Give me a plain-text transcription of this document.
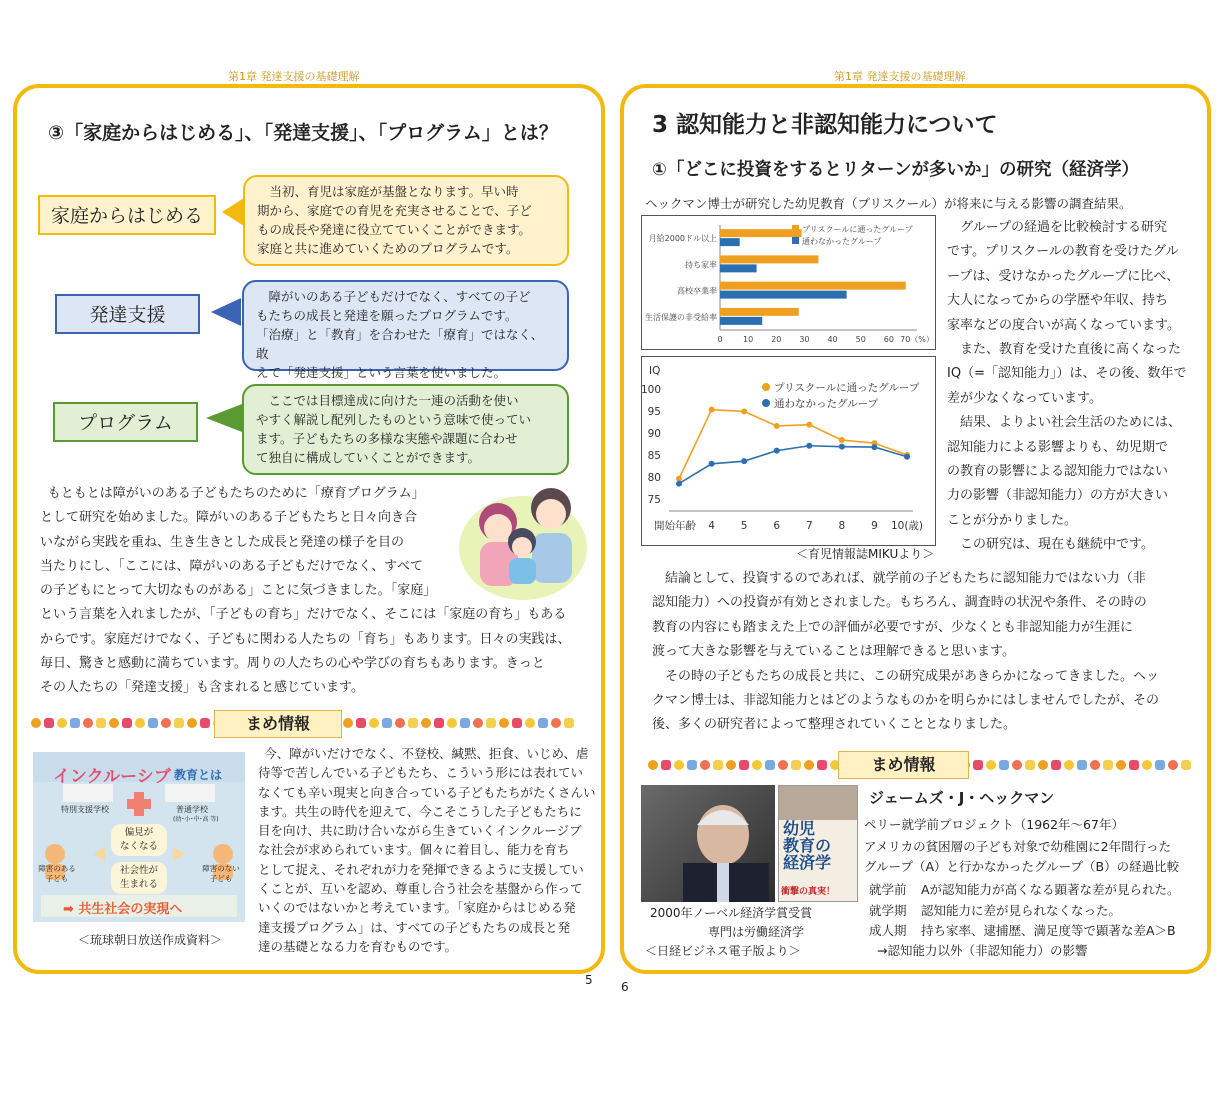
第1章 発達支援の基礎理解
③「家庭からはじめる」、「発達支援」、「プログラム」とは？
家庭からはじめる
当初、育児は家庭が基盤となります。早い時
期から、家庭での育児を充実させることで、子ど
もの成長や発達に役立てていくことができます。
家庭と共に進めていくためのプログラムです。
発達支援
障がいのある子どもだけでなく、すべての子ど
もたちの成長と発達を願ったプログラムです。
「治療」と「教育」を合わせた「療育」ではなく、敢
えて「発達支援」という言葉を使いました。
プログラム
ここでは目標達成に向けた一連の活動を使い
やすく解説し配列したものという意味で使ってい
ます。子どもたちの多様な実態や課題に合わせ
て独自に構成していくことができます。
もともとは障がいのある子どもたちのために「療育プログラム」
として研究を始めました。障がいのある子どもたちと日々向き合
いながら実践を重ね、生き生きとした成長と発達の様子を目の
当たりにし、「ここには、障がいのある子どもだけでなく、すべて
の子どもにとって大切なものがある」ことに気づきました。「家庭」
という言葉を入れましたが、「子どもの育ち」だけでなく、そこには「家庭の育ち」もある
からです。家庭だけでなく、子どもに関わる人たちの「育ち」もあります。日々の実践は、
毎日、驚きと感動に満ちています。周りの人たちの心や学びの育ちもあります。きっと
その人たちの「発達支援」も含まれると感じています。
まめ情報
インクルーシブ 教育とは
特別支援学校	普通学校
(幼･小･中･高 等)
偏見が
なくなる
社会性が
生まれる
障害のある
子ども
障害のない
子ども
➡ 共生社会の実現へ
＜琉球朝日放送作成資料＞
今、障がいだけでなく、不登校、緘黙、拒食、いじめ、虐
待等で苦しんでいる子どもたち、こういう形には表れてい
なくても辛い現実と向き合っている子どもたちがたくさんい
ます。共生の時代を迎えて、今こそこうした子どもたちに
目を向け、共に助け合いながら生きていくインクルージブ
な社会が求められています。個々に着目し、能力を育ち
として捉え、それぞれが力を発揮できるように支援してい
くことが、互いを認め、尊重し合う社会を基盤から作って
いくのではないかと考えています。「家庭からはじめる発
達支援プログラム」は、すべての子どもたちの成長と発
達の基礎となる力を育むものです。
5
第1章 発達支援の基礎理解
3 認知能力と非認知能力について
①「どこに投資をするとリターンが多いか」の研究（経済学）
ヘックマン博士が研究した幼児教育（プリスクール）が将来に与える影響の調査結果。
月給2000ドル以上
持ち家率
高校卒業率
生活保護の非受給率
0	10 20 30 40 50 60 70（%）
プリスクールに通ったグループ
通わなかったグループ
IQ
75
80
85
90
95
100
開始年齢 4 5 6 7 8 9 10(歳)
プリスクールに通ったグループ
通わなかったグループ
＜育児情報誌MIKUより＞
グループの経過を比較検討する研究
です。プリスクールの教育を受けたグル
ープは、受けなかったグループに比べ、
大人になってからの学歴や年収、持ち
家率などの度合いが高くなっています。
また、教育を受けた直後に高くなった
IQ（=「認知能力」）は、その後、数年で
差が少なくなっています。
結果、よりよい社会生活のためには、
認知能力による影響よりも、幼児期で
の教育の影響による認知能力ではない
力の影響（非認知能力）の方が大きい
ことが分かりました。
この研究は、現在も継続中です。
結論として、投資するのであれば、就学前の子どもたちに認知能力ではない力（非
認知能力）への投資が有効とされました。もちろん、調査時の状況や条件、その時の
教育の内容にも踏まえた上での評価が必要ですが、少なくとも非認知能力が生涯に
渡って大きな影響を与えていることは理解できると思います。
その時の子どもたちの成長と共に、この研究成果があきらかになってきました。ヘッ
クマン博士は、非認知能力とはどのようなものかを明らかにはしませんでしたが、その
後、多くの研究者によって整理されていくこととなりました。
まめ情報
幼児
教育の
経済学
衝撃の真実！
2000年ノーベル経済学賞受賞
専門は労働経済学
＜日経ビジネス電子版より＞
ジェームズ・J・ヘックマン
ペリー就学前プロジェクト（1962年〜67年）
アメリカの貧困層の子ども対象で幼稚園に2年間行った
グループ（A）と行かなかったグループ（B）の経過比較
就学前 Aが認知能力が高くなる顕著な差が見られた。
就学期 認知能力に差が見られなくなった。
成人期 持ち家率、逮捕歴、満足度等で顕著な差A＞B
→認知能力以外（非認知能力）の影響
6
